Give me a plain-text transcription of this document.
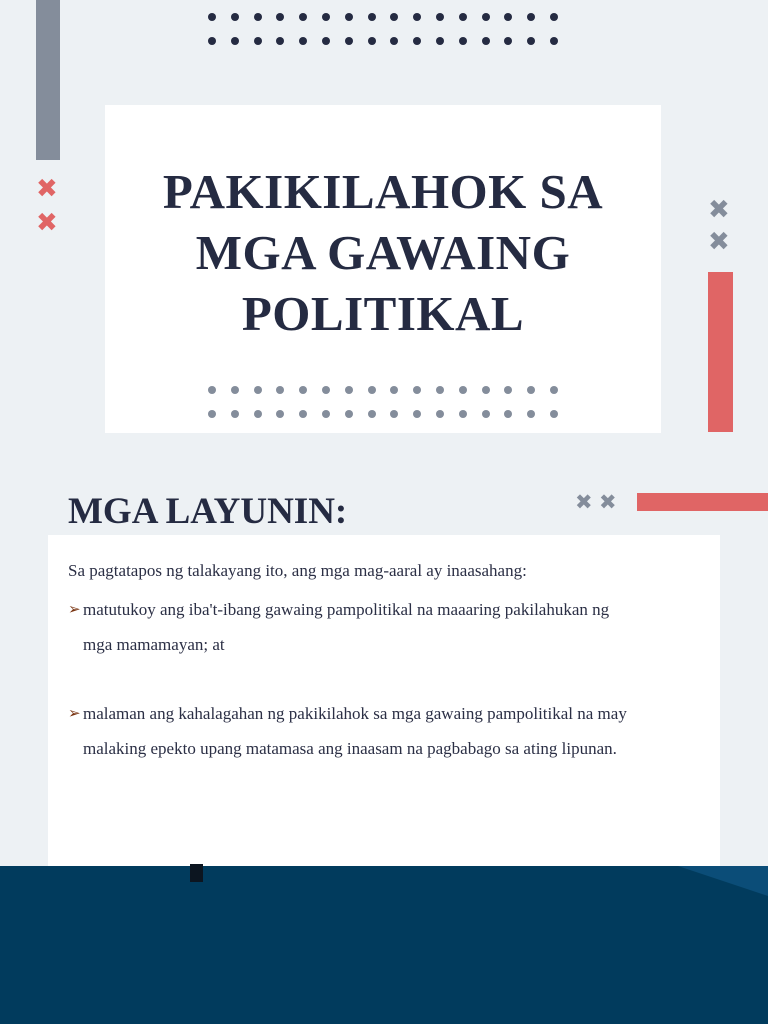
✖
✖	✖
✖
✖ ✖
PAKIKILAHOK SA
MGA GAWAING
POLITIKAL
MGA LAYUNIN:
Sa pagtatapos ng talakayang ito, ang mga mag-aaral ay inaasahang:
➢ matutukoy ang iba't-ibang gawaing pampolitikal na maaaring pakilahukan ng
mga mamamayan; at
➢ malaman ang kahalagahan ng pakikilahok sa mga gawaing pampolitikal na may
malaking epekto upang matamasa ang inaasam na pagbabago sa ating lipunan.
